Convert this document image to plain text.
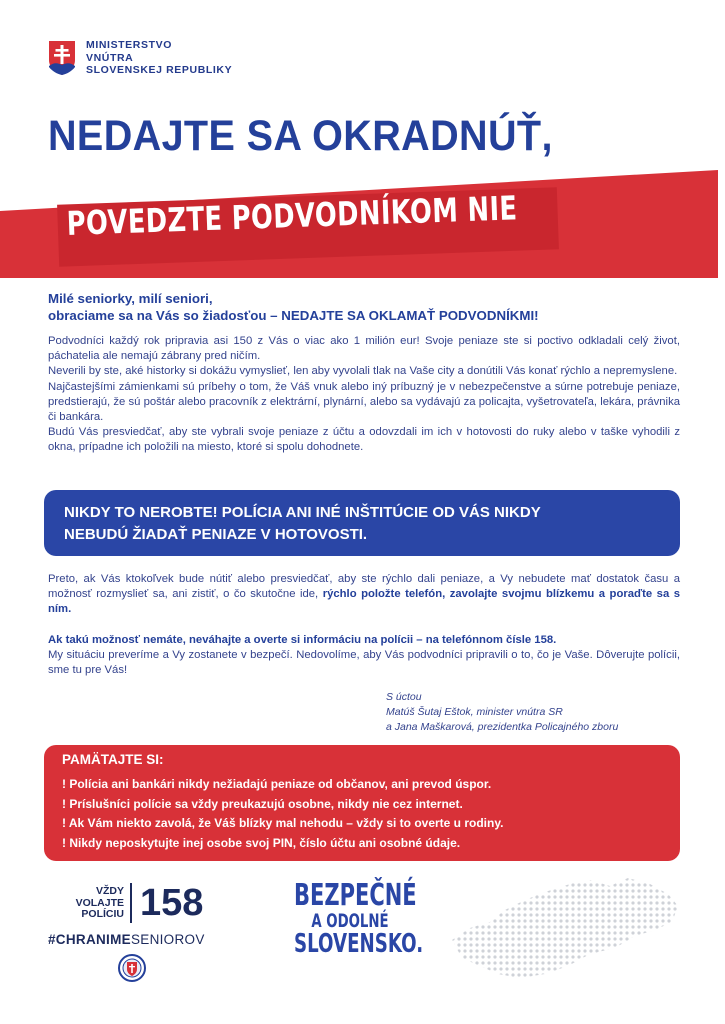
MINISTERSTVO
VNÚTRA
SLOVENSKEJ REPUBLIKY
NEDAJTE SA OKRADNÚŤ,
POVEDZTE PODVODNÍKOM NIE
Milé seniorky, milí seniori,
obraciame sa na Vás so žiadosťou – NEDAJTE SA OKLAMAŤ PODVODNÍKMI!
Podvodníci každý rok pripravia asi 150 z Vás o viac ako 1 milión eur! Svoje peniaze ste si poctivo odkladali celý život, páchatelia ale nemajú zábrany pred ničím.
Neverili by ste, aké historky si dokážu vymyslieť, len aby vyvolali tlak na Vaše city a donútili Vás konať rýchlo a nepremyslene.
Najčastejšími zámienkami sú príbehy o tom, že Váš vnuk alebo iný príbuzný je v nebezpečenstve a súrne potrebuje peniaze, predstierajú, že sú poštár alebo pracovník z elektrární, plynární, alebo sa vydávajú za policajta, vyšetrovateľa, lekára, právnika či bankára.
Budú Vás presviedčať, aby ste vybrali svoje peniaze z účtu a odovzdali im ich v hotovosti do ruky alebo v taške vyhodili z okna, prípadne ich položili na miesto, ktoré si spolu dohodnete.
NIKDY TO NEROBTE! POLÍCIA ANI INÉ INŠTITÚCIE OD VÁS NIKDY
NEBUDÚ ŽIADAŤ PENIAZE V HOTOVOSTI.
Preto, ak Vás ktokoľvek bude nútiť alebo presviedčať, aby ste rýchlo dali peniaze, a Vy nebudete mať dostatok času a možnosť rozmyslieť sa, ani zistiť, o čo skutočne ide, rýchlo položte telefón, zavolajte svojmu blízkemu a poraďte sa s ním.
Ak takú možnosť nemáte, neváhajte a overte si informáciu na polícii – na telefónnom čísle 158.
My situáciu preveríme a Vy zostanete v bezpečí. Nedovolíme, aby Vás podvodníci pripravili o to, čo je Vaše. Dôverujte polícii, sme tu pre Vás!
S úctou
Matúš Šutaj Eštok, minister vnútra SR
a Jana Maškarová, prezidentka Policajného zboru
PAMÄTAJTE SI:
! Polícia ani bankári nikdy nežiadajú peniaze od občanov, ani prevod úspor.
! Príslušníci polície sa vždy preukazujú osobne, nikdy nie cez internet.
! Ak Vám niekto zavolá, že Váš blízky mal nehodu – vždy si to overte u rodiny.
! Nikdy neposkytujte inej osobe svoj PIN, číslo účtu ani osobné údaje.
VŽDY
VOLAJTE
POLÍCIU 158
#CHRANIMESENIOROV
BEZPEČNÉ
A ODOLNÉ
SLOVENSKO.
